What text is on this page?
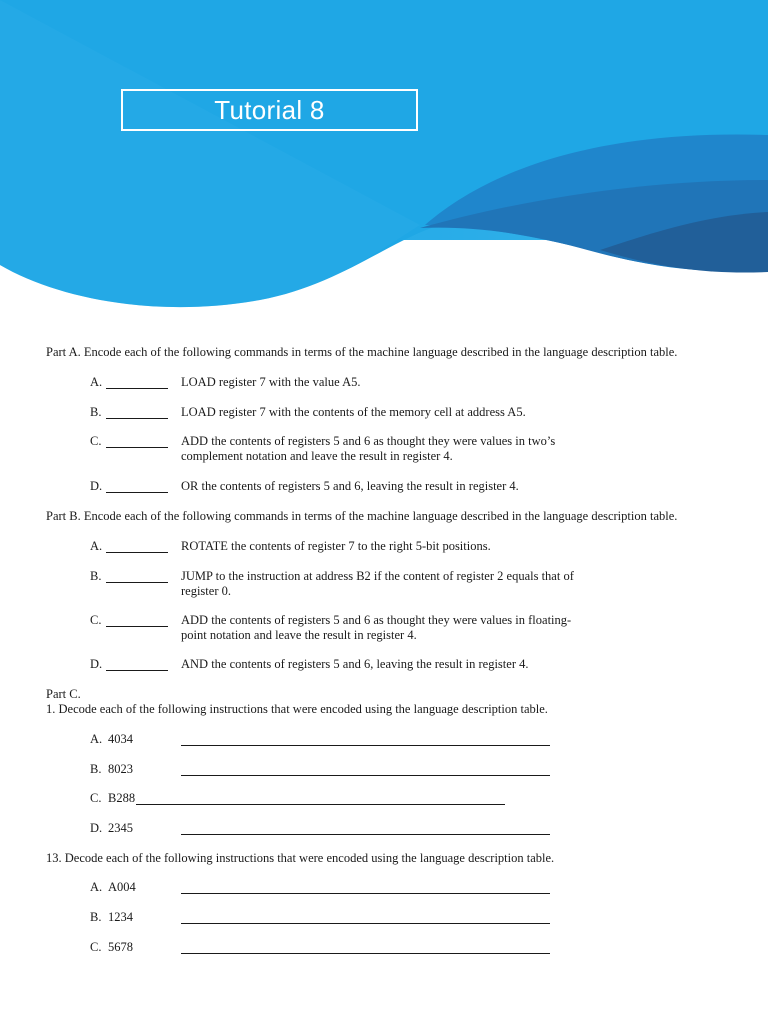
Tutorial 8
Part A. Encode each of the following commands in terms of the machine language described in the language description table.
A.	LOAD register 7 with the value A5.
B.	LOAD register 7 with the contents of the memory cell at address A5.
C.	ADD the contents of registers 5 and 6 as thought they were values in two’s
complement notation and leave the result in register 4.
D.	OR the contents of registers 5 and 6, leaving the result in register 4.
Part B. Encode each of the following commands in terms of the machine language described in the language description table.
A.	ROTATE the contents of register 7 to the right 5-bit positions.
B.	JUMP to the instruction at address B2 if the content of register 2 equals that of
register 0.
C.	ADD the contents of registers 5 and 6 as thought they were values in floating-
point notation and leave the result in register 4.
D.	AND the contents of registers 5 and 6, leaving the result in register 4.
Part C.
1. Decode each of the following instructions that were encoded using the language description table.
A. 4034
B. 8023
C. B288
D. 2345
13. Decode each of the following instructions that were encoded using the language description table.
A. A004
B. 1234
C. 5678
